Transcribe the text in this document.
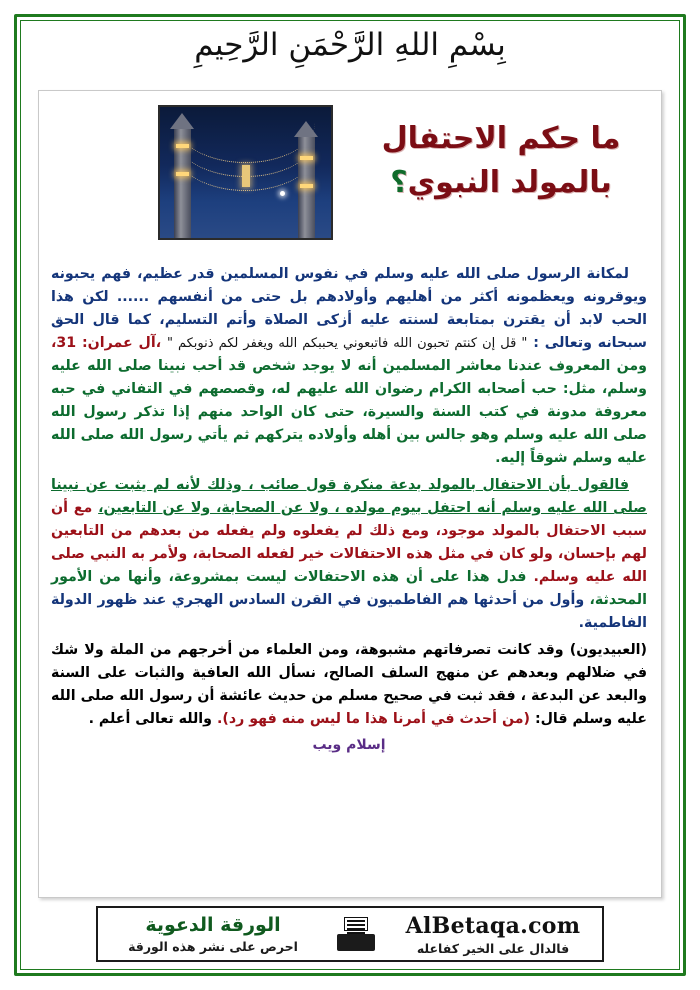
بِسْمِ اللهِ الرَّحْمَنِ الرَّحِيمِ
ما حكم الاحتفال
بالمولد النبوي؟

لمكانة الرسول صلى الله عليه وسلم في نفوس المسلمين قدر عظيم، فهم يحبونه ويوقرونه ويعظمونه أكثر من أهليهم وأولادهم بل حتى من أنفسهم ...... لكن هذا الحب لابد أن يقترن بمتابعة لسنته عليه أزكى الصلاة وأتم التسليم، كما قال الحق سبحانه وتعالى : " قل إن كنتم تحبون الله فاتبعوني يحببكم الله ويغفر لكم ذنوبكم " ،آل عمران: 31، ومن المعروف عندنا معاشر المسلمين أنه لا يوجد شخص قد أحب نبينا صلى الله عليه وسلم، مثل: حب أصحابه الكرام رضوان الله عليهم له، وقصصهم في التفاني في حبه معروفة مدونة في كتب السنة والسيرة، حتى كان الواحد منهم إذا تذكر رسول الله صلى الله عليه وسلم وهو جالس بين أهله وأولاده يتركهم ثم يأتي رسول الله صلى الله عليه وسلم شوقاً إليه.

فالقول بأن الاحتفال بالمولد بدعة منكرة قول صائب ، وذلك لأنه لم يثبت عن نبينا صلى الله عليه وسلم أنه احتفل بيوم مولده ، ولا عن الصحابة، ولا عن التابعين، مع أن سبب الاحتفال بالمولد موجود، ومع ذلك لم يفعلوه ولم يفعله من بعدهم من التابعين لهم بإحسان، ولو كان في مثل هذه الاحتفالات خير لفعله الصحابة، ولأمر به النبي صلى الله عليه وسلم. فدل هذا على أن هذه الاحتفالات ليست بمشروعة، وأنها من الأمور المحدثة، وأول من أحدثها هم الفاطميون في القرن السادس الهجري عند ظهور الدولة الفاطمية.

(العبيديون) وقد كانت تصرفاتهم مشبوهة، ومن العلماء من أخرجهم من الملة ولا شك في ضلالهم وبعدهم عن منهج السلف الصالح، نسأل الله العافية والثبات على السنة والبعد عن البدعة ، فقد ثبت في صحيح مسلم من حديث عائشة أن رسول الله صلى الله عليه وسلم قال: (من أحدث في أمرنا هذا ما ليس منه فهو رد). والله تعالى أعلم .

إسلام ويب
الورقة الدعوية
احرص على نشر هذه الورقة
AlBetaqa.com
فالدال على الخير كفاعله
